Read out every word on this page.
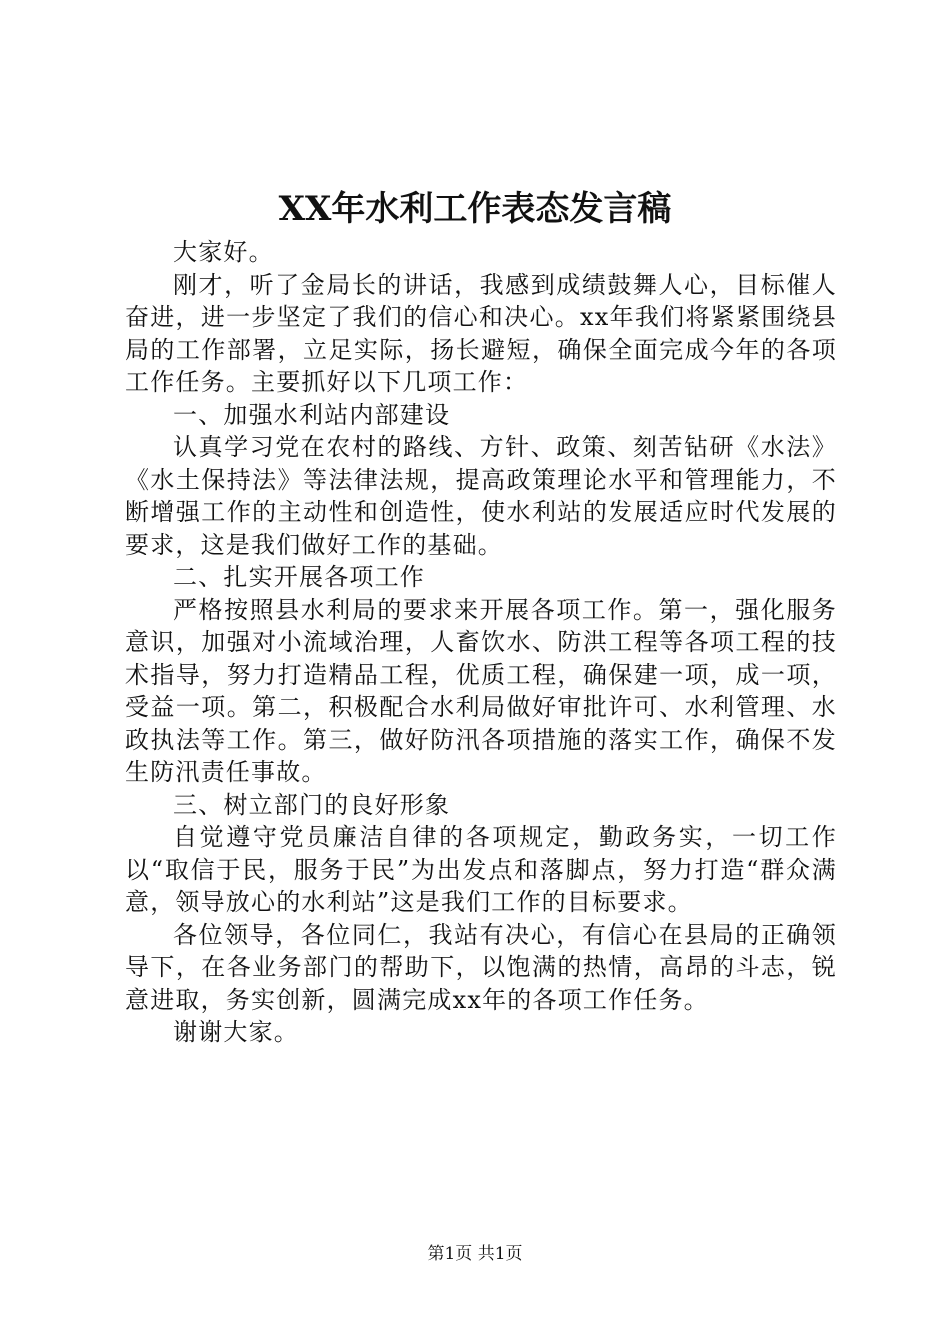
XX年水利工作表态发言稿

大家好。

刚才，听了金局长的讲话，我感到成绩鼓舞人心，目标催人奋进，进一步坚定了我们的信心和决心。xx年我们将紧紧围绕县局的工作部署，立足实际，扬长避短，确保全面完成今年的各项工作任务。主要抓好以下几项工作：

一、加强水利站内部建设

认真学习党在农村的路线、方针、政策、刻苦钻研《水法》《水土保持法》等法律法规，提高政策理论水平和管理能力，不断增强工作的主动性和创造性，使水利站的发展适应时代发展的要求，这是我们做好工作的基础。

二、扎实开展各项工作

严格按照县水利局的要求来开展各项工作。第一，强化服务意识，加强对小流域治理，人畜饮水、防洪工程等各项工程的技术指导，努力打造精品工程，优质工程，确保建一项，成一项，受益一项。第二，积极配合水利局做好审批许可、水利管理、水政执法等工作。第三，做好防汛各项措施的落实工作，确保不发生防汛责任事故。

三、树立部门的良好形象

自觉遵守党员廉洁自律的各项规定，勤政务实，一切工作以“取信于民，服务于民”为出发点和落脚点，努力打造“群众满意，领导放心的水利站”这是我们工作的目标要求。

各位领导，各位同仁，我站有决心，有信心在县局的正确领导下，在各业务部门的帮助下，以饱满的热情，高昂的斗志，锐意进取，务实创新，圆满完成xx年的各项工作任务。

谢谢大家。

第1页 共1页
